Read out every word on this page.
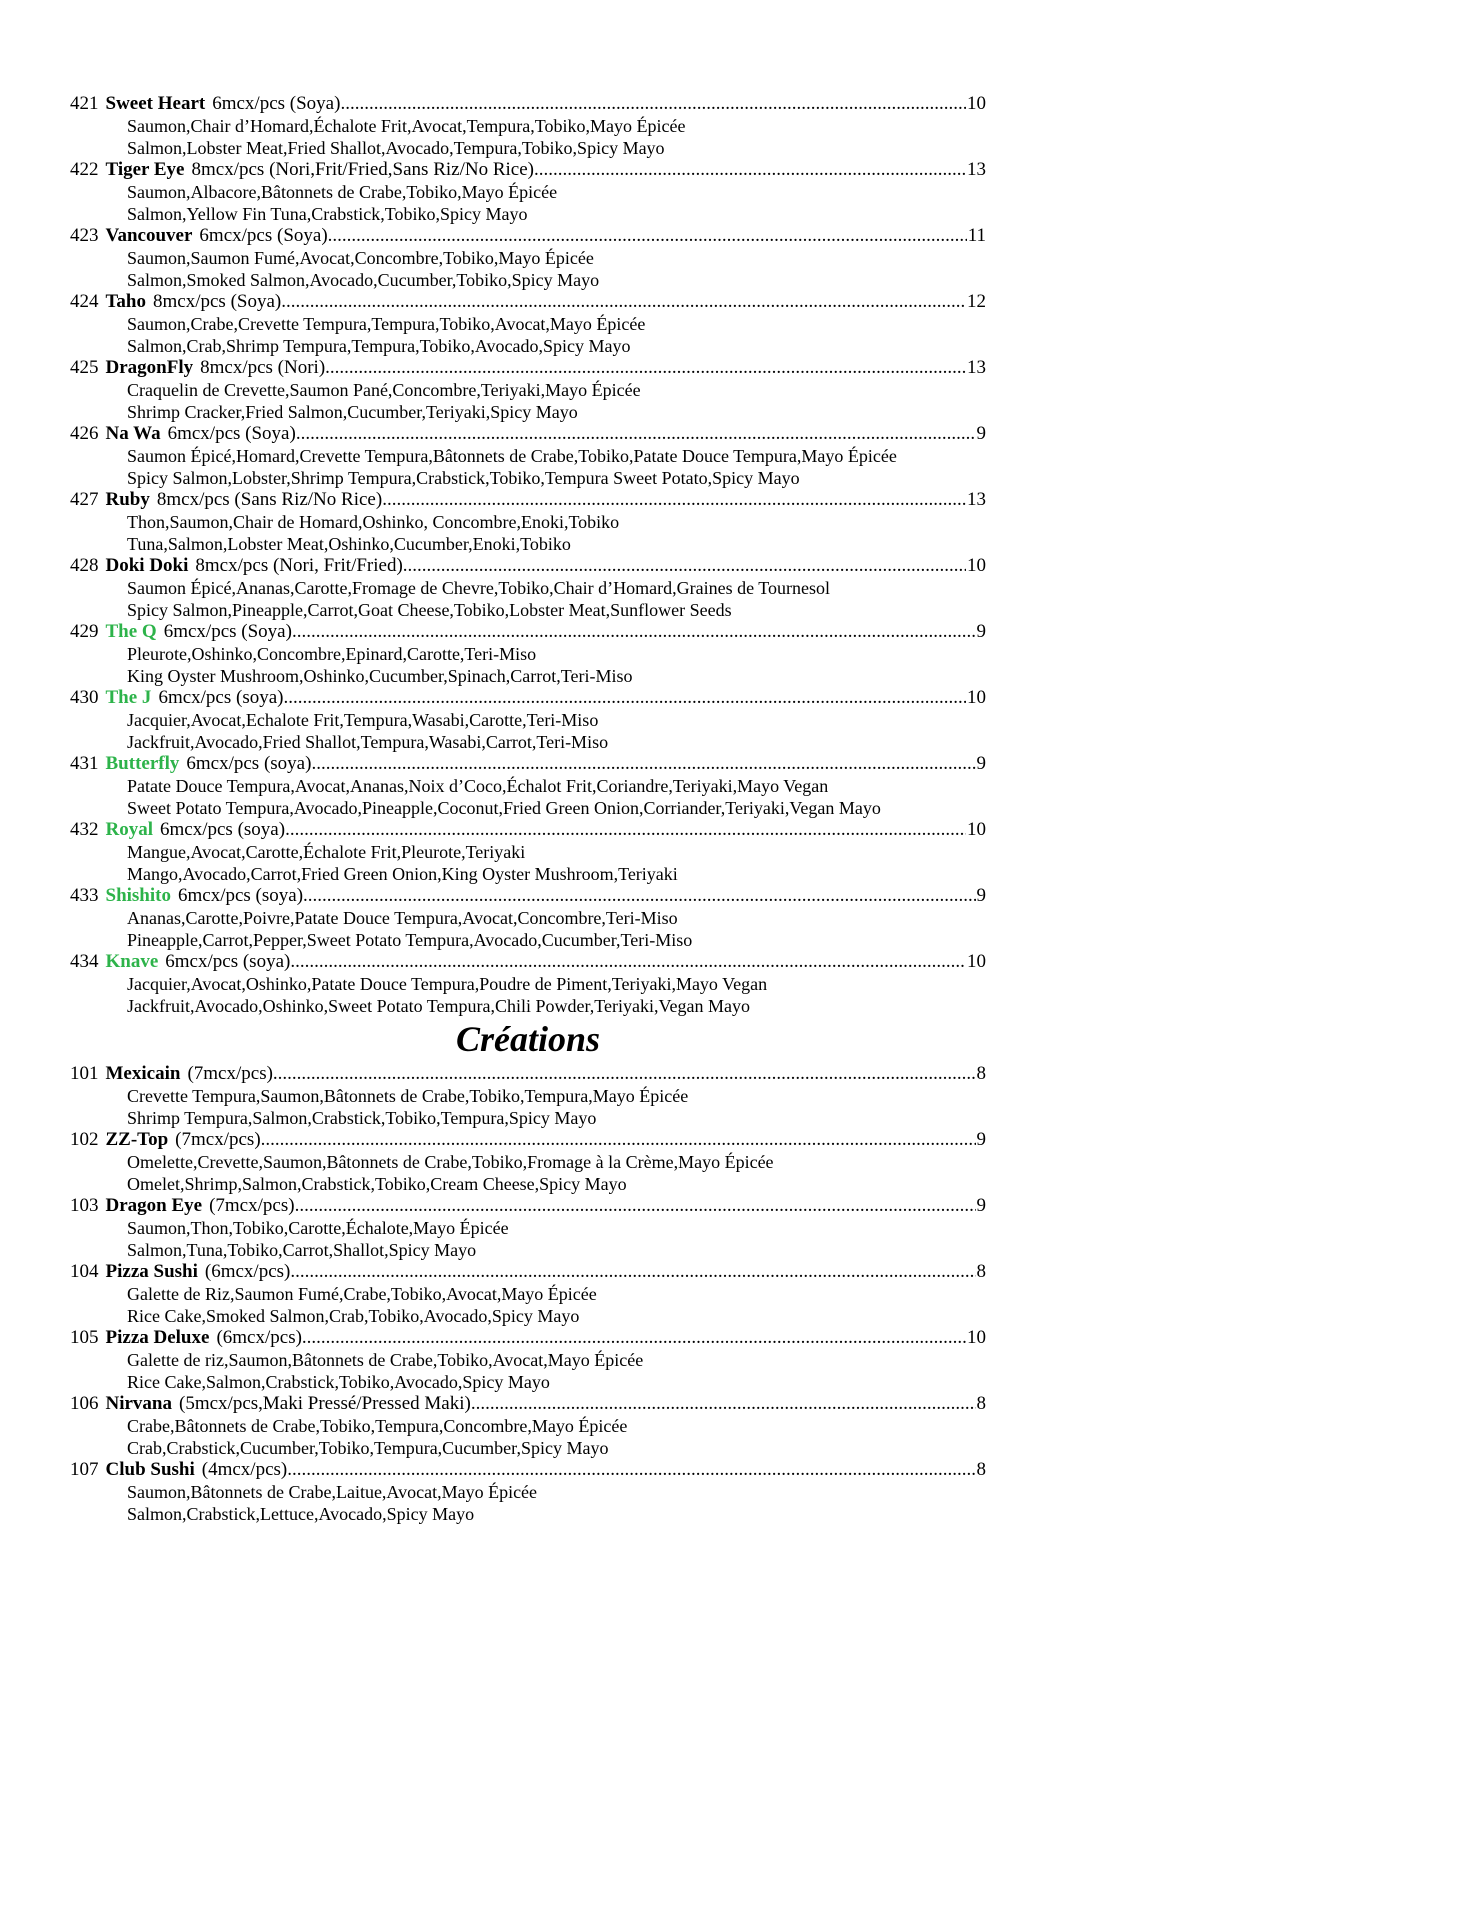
421 Sweet Heart 6mcx/pcs (Soya) .....	10
Saumon,Chair d’Homard,Échalote Frit,Avocat,Tempura,Tobiko,Mayo Épicée
Salmon,Lobster Meat,Fried Shallot,Avocado,Tempura,Tobiko,Spicy Mayo
422 Tiger Eye 8mcx/pcs (Nori,Frit/Fried,Sans Riz/No Rice) .....	13
Saumon,Albacore,Bâtonnets de Crabe,Tobiko,Mayo Épicée
Salmon,Yellow Fin Tuna,Crabstick,Tobiko,Spicy Mayo
423 Vancouver 6mcx/pcs (Soya) .....	11
Saumon,Saumon Fumé,Avocat,Concombre,Tobiko,Mayo Épicée
Salmon,Smoked Salmon,Avocado,Cucumber,Tobiko,Spicy Mayo
424 Taho 8mcx/pcs (Soya) .....	12
Saumon,Crabe,Crevette Tempura,Tempura,Tobiko,Avocat,Mayo Épicée
Salmon,Crab,Shrimp Tempura,Tempura,Tobiko,Avocado,Spicy Mayo
425 DragonFly 8mcx/pcs (Nori) .....	13
Craquelin de Crevette,Saumon Pané,Concombre,Teriyaki,Mayo Épicée
Shrimp Cracker,Fried Salmon,Cucumber,Teriyaki,Spicy Mayo
426 Na Wa 6mcx/pcs (Soya) .....	9
Saumon Épicé,Homard,Crevette Tempura,Bâtonnets de Crabe,Tobiko,Patate Douce Tempura,Mayo Épicée
Spicy Salmon,Lobster,Shrimp Tempura,Crabstick,Tobiko,Tempura Sweet Potato,Spicy Mayo
427 Ruby 8mcx/pcs (Sans Riz/No Rice) .....	13
Thon,Saumon,Chair de Homard,Oshinko, Concombre,Enoki,Tobiko
Tuna,Salmon,Lobster Meat,Oshinko,Cucumber,Enoki,Tobiko
428 Doki Doki 8mcx/pcs (Nori, Frit/Fried) .....	10
Saumon Épicé,Ananas,Carotte,Fromage de Chevre,Tobiko,Chair d’Homard,Graines de Tournesol
Spicy Salmon,Pineapple,Carrot,Goat Cheese,Tobiko,Lobster Meat,Sunflower Seeds
429 The Q 6mcx/pcs (Soya) .....	9
Pleurote,Oshinko,Concombre,Epinard,Carotte,Teri-Miso
King Oyster Mushroom,Oshinko,Cucumber,Spinach,Carrot,Teri-Miso
430 The J 6mcx/pcs (soya) .....	10
Jacquier,Avocat,Echalote Frit,Tempura,Wasabi,Carotte,Teri-Miso
Jackfruit,Avocado,Fried Shallot,Tempura,Wasabi,Carrot,Teri-Miso
431 Butterfly 6mcx/pcs (soya) .....	9
Patate Douce Tempura,Avocat,Ananas,Noix d’Coco,Échalot Frit,Coriandre,Teriyaki,Mayo Vegan
Sweet Potato Tempura,Avocado,Pineapple,Coconut,Fried Green Onion,Corriander,Teriyaki,Vegan Mayo
432 Royal 6mcx/pcs (soya) .....	10
Mangue,Avocat,Carotte,Échalote Frit,Pleurote,Teriyaki
Mango,Avocado,Carrot,Fried Green Onion,King Oyster Mushroom,Teriyaki
433 Shishito 6mcx/pcs (soya) .....	9
Ananas,Carotte,Poivre,Patate Douce Tempura,Avocat,Concombre,Teri-Miso
Pineapple,Carrot,Pepper,Sweet Potato Tempura,Avocado,Cucumber,Teri-Miso
434 Knave 6mcx/pcs (soya) .....	10
Jacquier,Avocat,Oshinko,Patate Douce Tempura,Poudre de Piment,Teriyaki,Mayo Vegan
Jackfruit,Avocado,Oshinko,Sweet Potato Tempura,Chili Powder,Teriyaki,Vegan Mayo
Créations
101 Mexicain (7mcx/pcs) .....	8
Crevette Tempura,Saumon,Bâtonnets de Crabe,Tobiko,Tempura,Mayo Épicée
Shrimp Tempura,Salmon,Crabstick,Tobiko,Tempura,Spicy Mayo
102 ZZ-Top (7mcx/pcs) .....	9
Omelette,Crevette,Saumon,Bâtonnets de Crabe,Tobiko,Fromage à la Crème,Mayo Épicée
Omelet,Shrimp,Salmon,Crabstick,Tobiko,Cream Cheese,Spicy Mayo
103 Dragon Eye (7mcx/pcs) .....	9
Saumon,Thon,Tobiko,Carotte,Échalote,Mayo Épicée
Salmon,Tuna,Tobiko,Carrot,Shallot,Spicy Mayo
104 Pizza Sushi (6mcx/pcs) .....	8
Galette de Riz,Saumon Fumé,Crabe,Tobiko,Avocat,Mayo Épicée
Rice Cake,Smoked Salmon,Crab,Tobiko,Avocado,Spicy Mayo
105 Pizza Deluxe (6mcx/pcs) .....	10
Galette de riz,Saumon,Bâtonnets de Crabe,Tobiko,Avocat,Mayo Épicée
Rice Cake,Salmon,Crabstick,Tobiko,Avocado,Spicy Mayo
106 Nirvana (5mcx/pcs,Maki Pressé/Pressed Maki) .....	8
Crabe,Bâtonnets de Crabe,Tobiko,Tempura,Concombre,Mayo Épicée
Crab,Crabstick,Cucumber,Tobiko,Tempura,Cucumber,Spicy Mayo
107 Club Sushi (4mcx/pcs) .....	8
Saumon,Bâtonnets de Crabe,Laitue,Avocat,Mayo Épicée
Salmon,Crabstick,Lettuce,Avocado,Spicy Mayo
